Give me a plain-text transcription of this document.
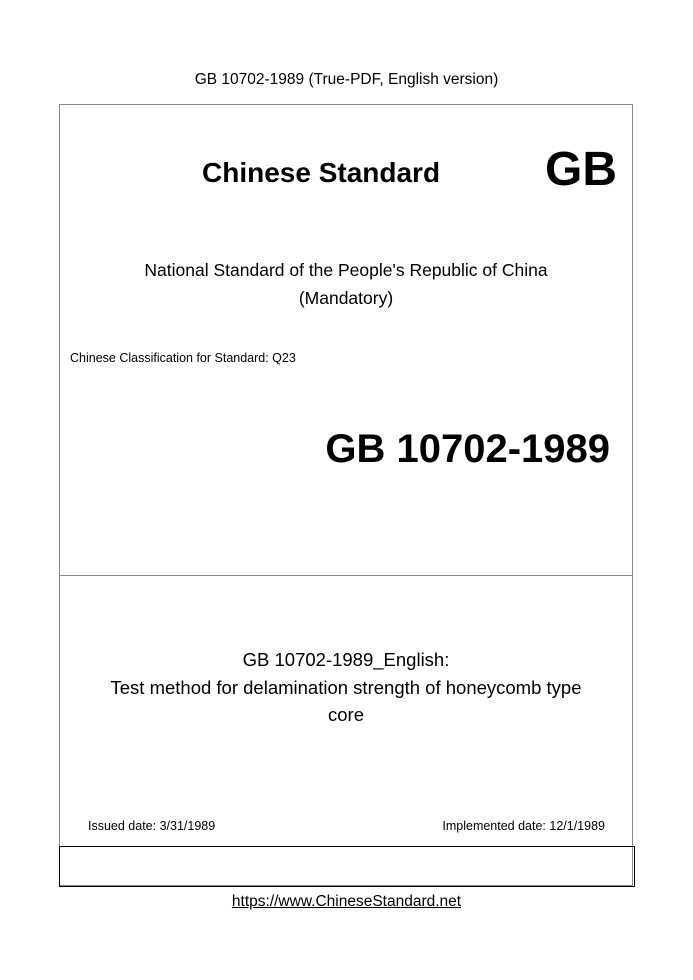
GB 10702-1989 (True-PDF, English version)
Chinese Standard GB
National Standard of the People's Republic of China
(Mandatory)
Chinese Classification for Standard: Q23
GB 10702-1989
GB 10702-1989_English:
Test method for delamination strength of honeycomb type
core
Issued date: 3/31/1989	Implemented date: 12/1/1989
https://www.ChineseStandard.net
